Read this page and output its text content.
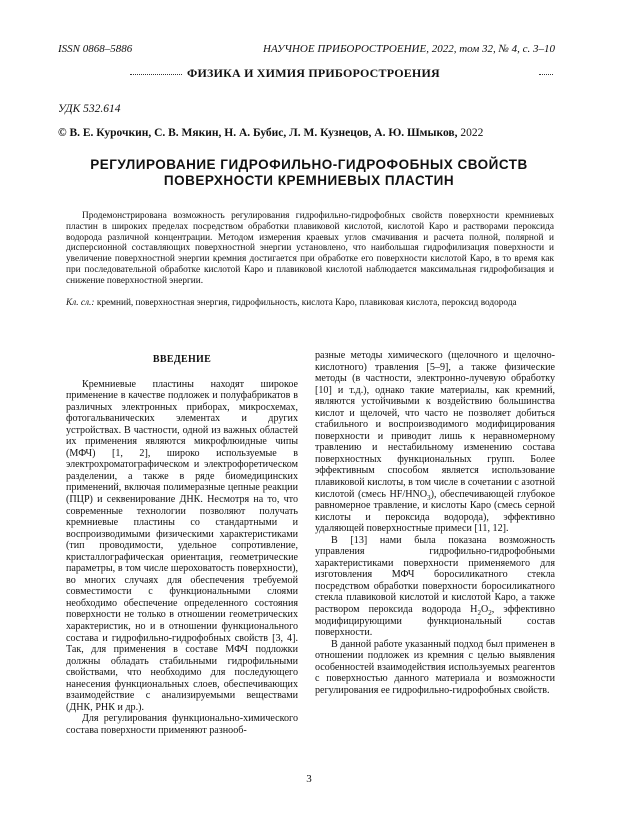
ISSN 0868–5886	НАУЧНОЕ ПРИБОРОСТРОЕНИЕ, 2022, том 32, № 4, с. 3–10
ФИЗИКА И ХИМИЯ ПРИБОРОСТРОЕНИЯ
УДК 532.614
© В. Е. Курочкин, С. В. Мякин, Н. А. Бубис, Л. М. Кузнецов, А. Ю. Шмыков, 2022
РЕГУЛИРОВАНИЕ ГИДРОФИЛЬНО-ГИДРОФОБНЫХ СВОЙСТВ
ПОВЕРХНОСТИ КРЕМНИЕВЫХ ПЛАСТИН
Продемонстрирована возможность регулирования гидрофильно-гидрофобных свойств поверхности кремниевых пластин в широких пределах посредством обработки плавиковой кислотой, кислотой Каро и растворами пероксида водорода различной концентрации. Методом измерения краевых углов смачивания и расчета полной, полярной и дисперсионной составляющих поверхностной энергии установлено, что наибольшая гидрофилизация поверхности и увеличение поверхностной энергии кремния достигается при обработке его поверхности кислотой Каро, в то время как при последовательной обработке кислотой Каро и плавиковой кислотой наблюдается максимальная гидрофобизация и снижение поверхностной энергии.
Кл. сл.: кремний, поверхностная энергия, гидрофильность, кислота Каро, плавиковая кислота, пероксид водорода
ВВЕДЕНИЕ

Кремниевые пластины находят широкое применение в качестве подложек и полуфабрикатов в различных электронных приборах, микросхемах, фотогальванических элементах и других устройствах. В частности, одной из важных областей их применения являются микрофлюидные чипы (МФЧ) [1, 2], широко используемые в электрохроматографическом и электрофоретическом разделении, а также в ряде биомедицинских применений, включая полимеразные цепные реакции (ПЦР) и секвенирование ДНК. Несмотря на то, что современные технологии позволяют получать кремниевые пластины со стандартными и воспроизводимыми физическими характеристиками (тип проводимости, удельное сопротивление, кристаллографическая ориентация, геометрические параметры, в том числе шероховатость поверхности), во многих случаях для обеспечения требуемой совместимости с функциональными слоями необходимо обеспечение определенного состояния поверхности не только в отношении геометрических характеристик, но и в отношении функционального состава и гидрофильно-гидрофобных свойств [3, 4]. Так, для применения в составе МФЧ подложки должны обладать стабильными гидрофильными свойствами, что необходимо для последующего нанесения функциональных слоев, обеспечивающих взаимодействие с анализируемыми веществами (ДНК, РНК и др.).

Для регулирования функционально-химического состава поверхности применяют разнооб-

разные методы химического (щелочного и щелочно-кислотного) травления [5–9], а также физические методы (в частности, электронно-лучевую обработку [10] и т.д.), однако такие материалы, как кремний, являются устойчивыми к воздействию большинства кислот и щелочей, что часто не позволяет добиться стабильного и воспроизводимого модифицирования поверхности и приводит лишь к неравномерному травлению и нестабильному изменению состава поверхностных функциональных групп. Более эффективным способом является использование плавиковой кислоты, в том числе в сочетании с азотной кислотой (смесь $HF/HNO_3$), обеспечивающей глубокое равномерное травление, и кислоты Каро (смесь серной кислоты и пероксида водорода), эффективно удаляющей поверхностные примеси [11, 12].

В [13] нами была показана возможность управления гидрофильно-гидрофобными характеристиками поверхности применяемого для изготовления МФЧ боросиликатного стекла посредством обработки поверхности боросиликатного стекла плавиковой кислотой и кислотой Каро, а также раствором пероксида водорода $H_2O_2$, эффективно модифицирующими функциональный состав поверхности.

В данной работе указанный подход был применен в отношении подложек из кремния с целью выявления особенностей взаимодействия используемых реагентов с поверхностью данного материала и возможности регулирования ее гидрофильно-гидрофобных свойств.

3
